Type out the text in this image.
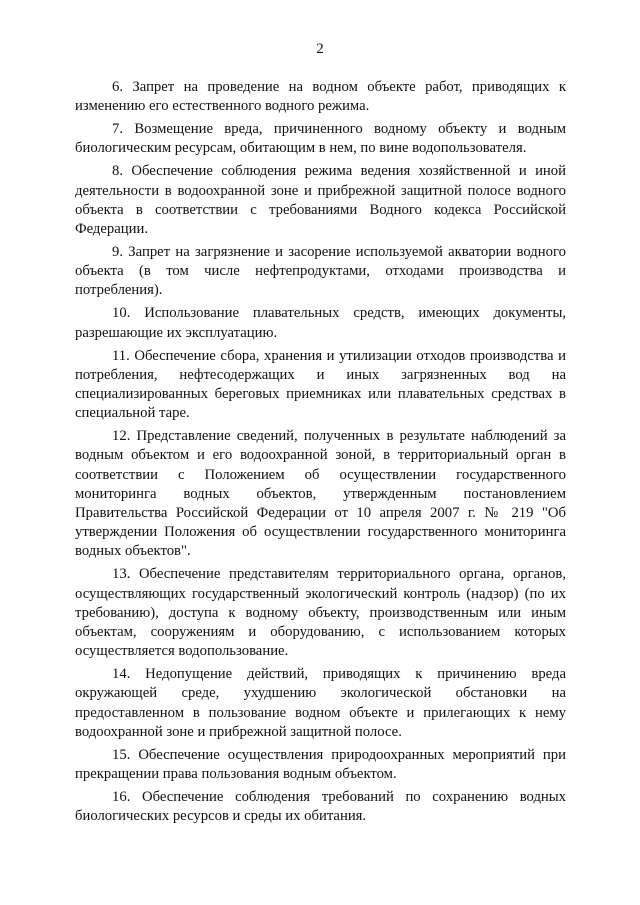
2

6. Запрет на проведение на водном объекте работ, приводящих к изменению его естественного водного режима.

7. Возмещение вреда, причиненного водному объекту и водным биологическим ресурсам, обитающим в нем, по вине водопользователя.

8. Обеспечение соблюдения режима ведения хозяйственной и иной деятельности в водоохранной зоне и прибрежной защитной полосе водного объекта в соответствии с требованиями Водного кодекса Российской Федерации.

9. Запрет на загрязнение и засорение используемой акватории водного объекта (в том числе нефтепродуктами, отходами производства и потребления).

10. Использование плавательных средств, имеющих документы, разрешающие их эксплуатацию.

11. Обеспечение сбора, хранения и утилизации отходов производства и потребления, нефтесодержащих и иных загрязненных вод на специализированных береговых приемниках или плавательных средствах в специальной таре.

12. Представление сведений, полученных в результате наблюдений за водным объектом и его водоохранной зоной, в территориальный орган в соответствии с Положением об осуществлении государственного мониторинга водных объектов, утвержденным постановлением Правительства Российской Федерации от 10 апреля 2007 г. № 219 "Об утверждении Положения об осуществлении государственного мониторинга водных объектов".

13. Обеспечение представителям территориального органа, органов, осуществляющих государственный экологический контроль (надзор) (по их требованию), доступа к водному объекту, производственным или иным объектам, сооружениям и оборудованию, с использованием которых осуществляется водопользование.

14. Недопущение действий, приводящих к причинению вреда окружающей среде, ухудшению экологической обстановки на предоставленном в пользование водном объекте и прилегающих к нему водоохранной зоне и прибрежной защитной полосе.

15. Обеспечение осуществления природоохранных мероприятий при прекращении права пользования водным объектом.

16. Обеспечение соблюдения требований по сохранению водных биологических ресурсов и среды их обитания.
